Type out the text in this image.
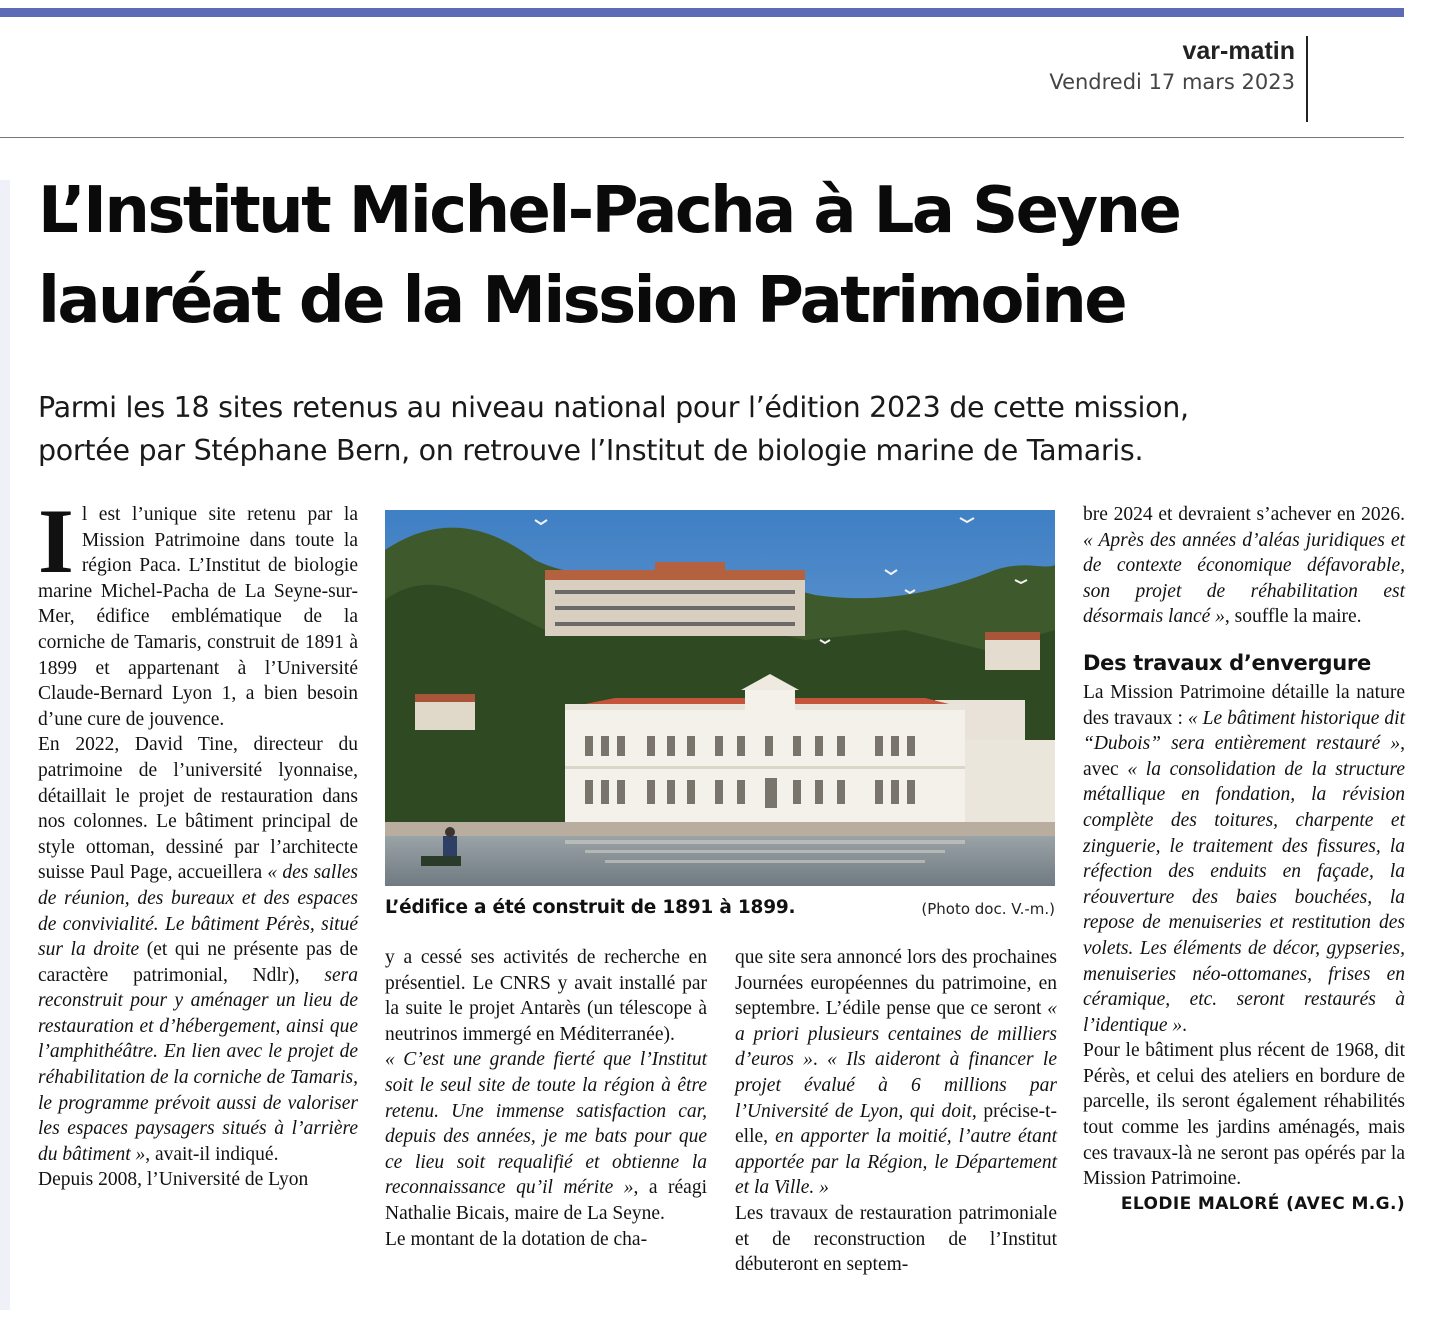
var-matin
Vendredi 17 mars 2023
L’Institut Michel-Pacha à La Seyne
lauréat de la Mission Patrimoine
Parmi les 18 sites retenus au niveau national pour l’édition 2023 de cette mission,
portée par Stéphane Bern, on retrouve l’Institut de biologie marine de Tamaris.

Il est l’unique site retenu par la Mission Patrimoine dans toute la région Paca. L’Institut de biologie marine Michel-Pacha de La Seyne-sur-Mer, édifice emblématique de la corniche de Tamaris, construit de 1891 à 1899 et appartenant à l’Université Claude-Bernard Lyon 1, a bien besoin d’une cure de jouvence.

En 2022, David Tine, directeur du patrimoine de l’université lyonnaise, détaillait le projet de restauration dans nos colonnes. Le bâtiment principal de style ottoman, dessiné par l’architecte suisse Paul Page, accueillera « des salles de réunion, des bureaux et des espaces de convivialité. Le bâtiment Pérès, situé sur la droite (et qui ne présente pas de caractère patrimonial, Ndlr), sera reconstruit pour y aménager un lieu de restauration et d’hébergement, ainsi que l’amphithéâtre. En lien avec le projet de réhabilitation de la corniche de Tamaris, le programme prévoit aussi de valoriser les espaces paysagers situés à l’arrière du bâtiment », avait-il indiqué.

Depuis 2008, l’Université de Lyon

L’édifice a été construit de 1891 à 1899.	(Photo doc. V.-m.)

y a cessé ses activités de recherche en présentiel. Le CNRS y avait installé par la suite le projet Antarès (un télescope à neutrinos immergé en Méditerranée).

« C’est une grande fierté que l’Institut soit le seul site de toute la région à être retenu. Une immense satisfaction car, depuis des années, je me bats pour que ce lieu soit requalifié et obtienne la reconnaissance qu’il mérite », a réagi Nathalie Bicais, maire de La Seyne.

Le montant de la dotation de cha-

que site sera annoncé lors des prochaines Journées européennes du patrimoine, en septembre. L’édile pense que ce seront « a priori plusieurs centaines de milliers d’euros ». « Ils aideront à financer le projet évalué à 6 millions par l’Université de Lyon, qui doit, précise-t-elle, en apporter la moitié, l’autre étant apportée par la Région, le Département et la Ville. »

Les travaux de restauration patrimoniale et de reconstruction de l’Institut débuteront en septem-

bre 2024 et devraient s’achever en 2026. « Après des années d’aléas juridiques et de contexte économique défavorable, son projet de réhabilitation est désormais lancé », souffle la maire.

Des travaux d’envergure

La Mission Patrimoine détaille la nature des travaux : « Le bâtiment historique dit “Dubois” sera entièrement restauré », avec « la consolidation de la structure métallique en fondation, la révision complète des toitures, charpente et zinguerie, le traitement des fissures, la réfection des enduits en façade, la réouverture des baies bouchées, la repose de menuiseries et restitution des volets. Les éléments de décor, gypseries, menuiseries néo-ottomanes, frises en céramique, etc. seront restaurés à l’identique ».

Pour le bâtiment plus récent de 1968, dit Pérès, et celui des ateliers en bordure de parcelle, ils seront également réhabilités tout comme les jardins aménagés, mais ces travaux-là ne seront pas opérés par la Mission Patrimoine.

ELODIE MALORÉ (AVEC M.G.)
